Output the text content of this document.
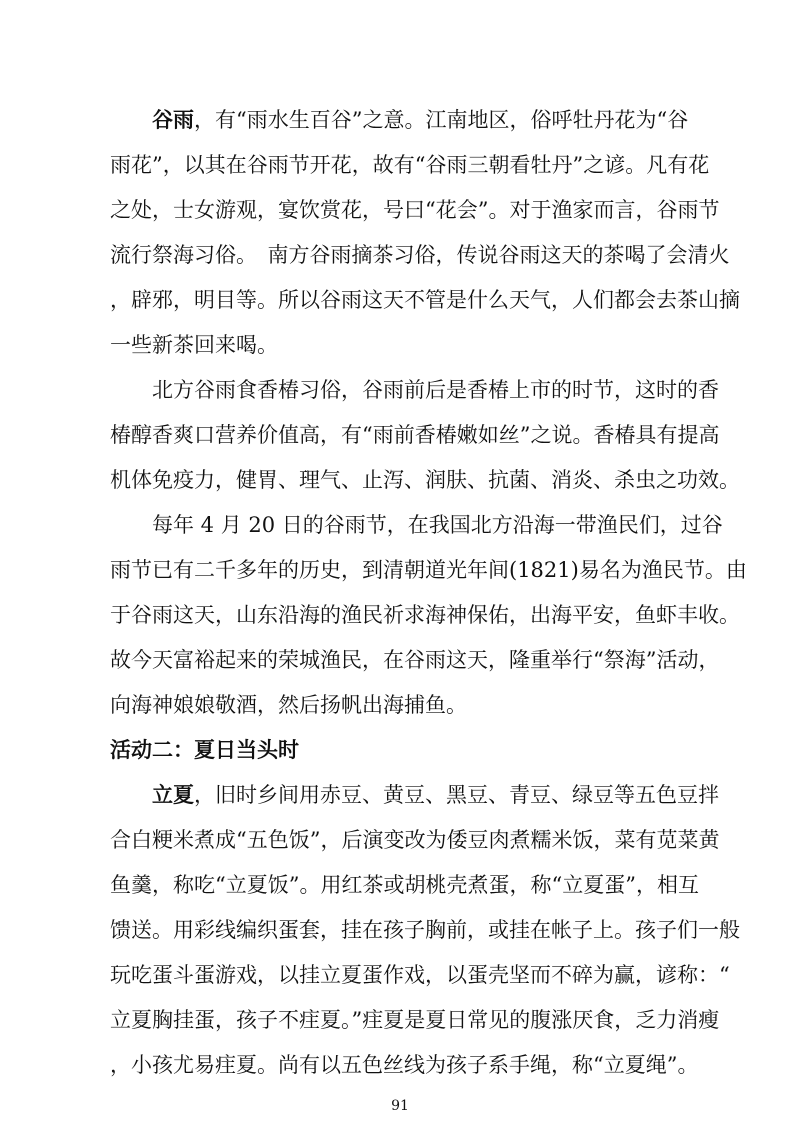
谷雨，有“雨水生百谷”之意。江南地区，俗呼牡丹花为“谷
雨花”，以其在谷雨节开花，故有“谷雨三朝看牡丹”之谚。凡有花
之处，士女游观，宴饮赏花，号曰“花会”。对于渔家而言，谷雨节
流行祭海习俗。　南方谷雨摘茶习俗，传说谷雨这天的茶喝了会清火
，辟邪，明目等。所以谷雨这天不管是什么天气，人们都会去茶山摘
一些新茶回来喝。
北方谷雨食香椿习俗，谷雨前后是香椿上市的时节，这时的香
椿醇香爽口营养价值高，有“雨前香椿嫩如丝”之说。香椿具有提高
机体免疫力，健胃、理气、止泻、润肤、抗菌、消炎、杀虫之功效。
每年 4 月 20 日的谷雨节，在我国北方沿海一带渔民们，过谷
雨节已有二千多年的历史，到清朝道光年间(1821)易名为渔民节。由
于谷雨这天，山东沿海的渔民祈求海神保佑，出海平安，鱼虾丰收。
故今天富裕起来的荣城渔民，在谷雨这天，隆重举行“祭海”活动，
向海神娘娘敬酒，然后扬帆出海捕鱼。
活动二：夏日当头时
立夏，旧时乡间用赤豆、黄豆、黑豆、青豆、绿豆等五色豆拌
合白粳米煮成“五色饭”，后演变改为倭豆肉煮糯米饭，菜有苋菜黄
鱼羹，称吃“立夏饭”。用红茶或胡桃壳煮蛋，称“立夏蛋”，相互
馈送。用彩线编织蛋套，挂在孩子胸前，或挂在帐子上。孩子们一般
玩吃蛋斗蛋游戏，以挂立夏蛋作戏，以蛋壳坚而不碎为赢，谚称：“
立夏胸挂蛋，孩子不疰夏。”疰夏是夏日常见的腹涨厌食，乏力消瘦
，小孩尤易疰夏。尚有以五色丝线为孩子系手绳，称“立夏绳”。
91
